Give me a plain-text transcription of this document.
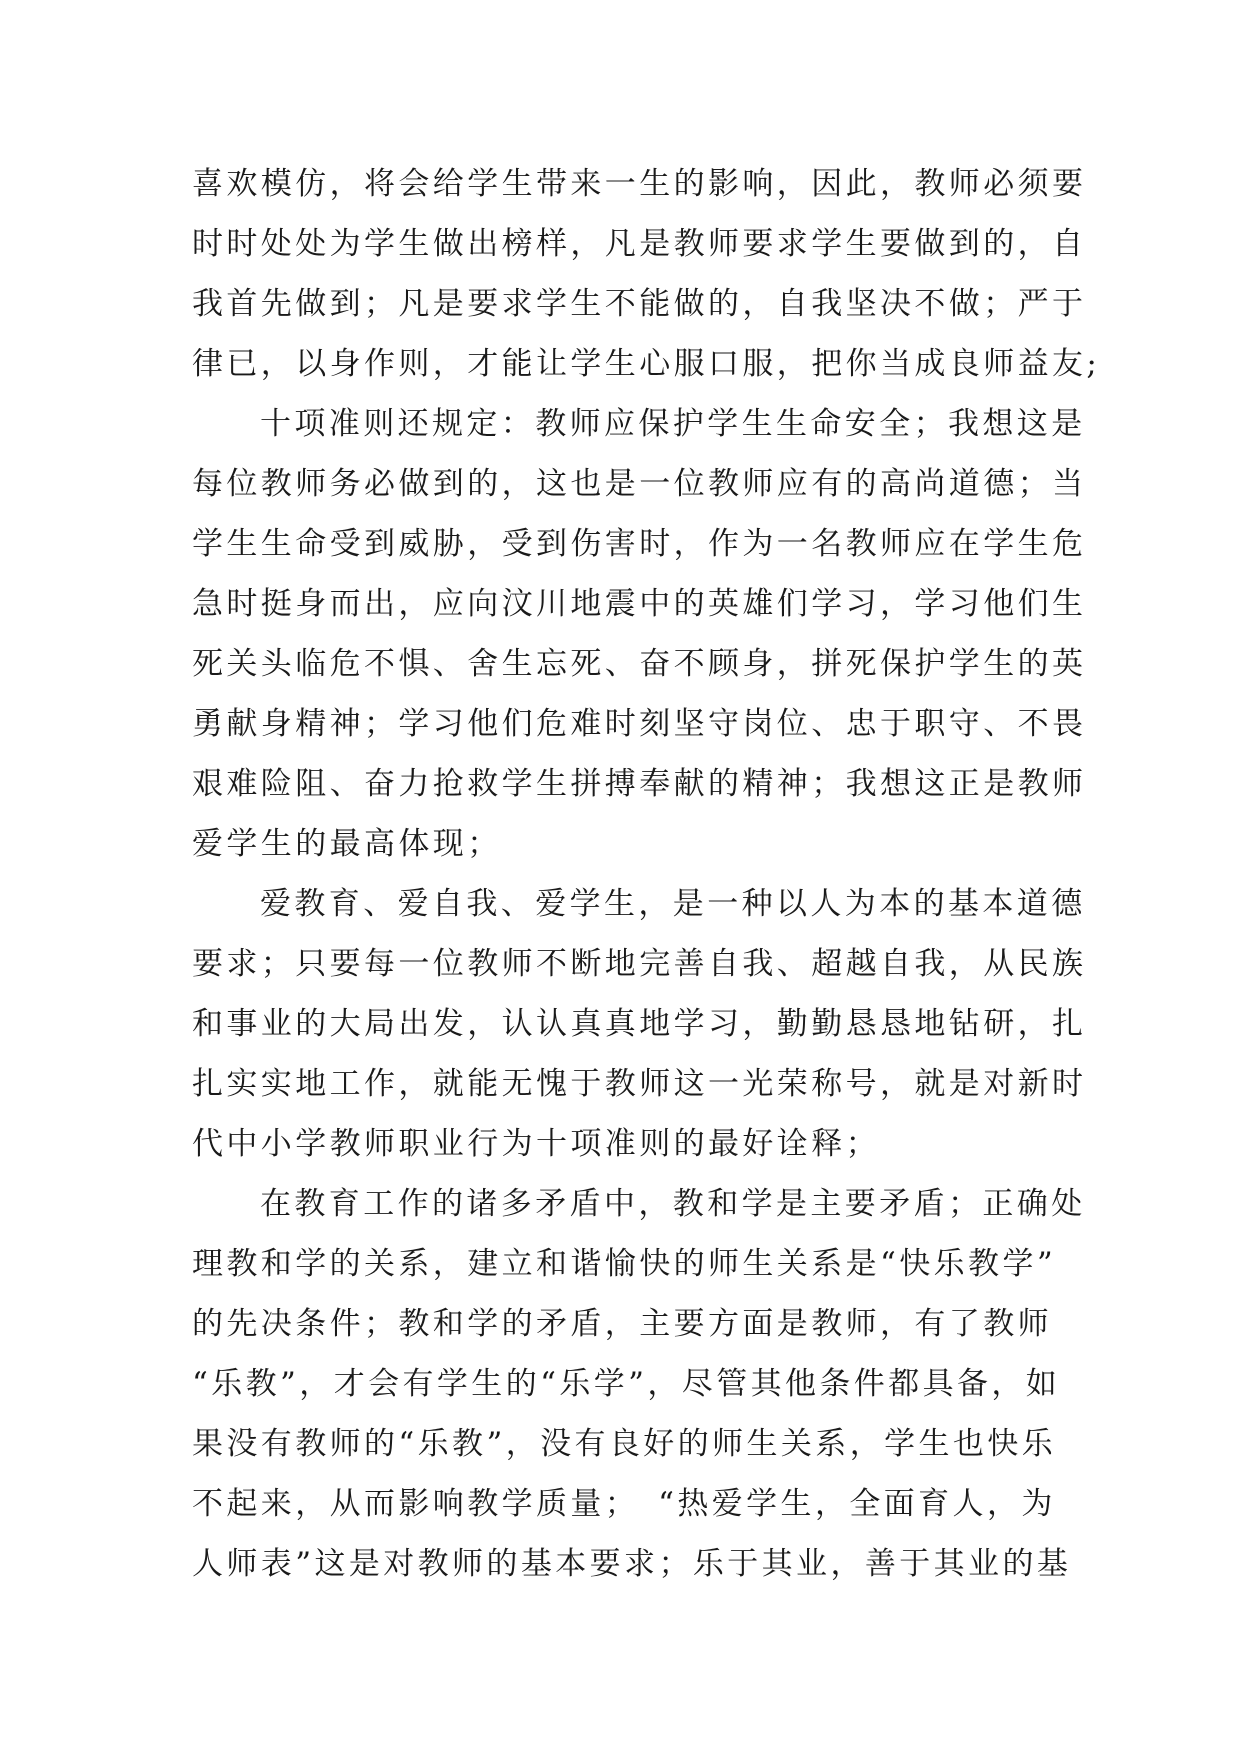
喜欢模仿，将会给学生带来一生的影响，因此，教师必须要
时时处处为学生做出榜样，凡是教师要求学生要做到的，自
我首先做到；凡是要求学生不能做的，自我坚决不做；严于
律已，以身作则，才能让学生心服口服，把你当成良师益友;
十项准则还规定：教师应保护学生生命安全；我想这是
每位教师务必做到的，这也是一位教师应有的高尚道德；当
学生生命受到威胁，受到伤害时，作为一名教师应在学生危
急时挺身而出，应向汶川地震中的英雄们学习，学习他们生
死关头临危不惧、舍生忘死、奋不顾身，拼死保护学生的英
勇献身精神；学习他们危难时刻坚守岗位、忠于职守、不畏
艰难险阻、奋力抢救学生拼搏奉献的精神；我想这正是教师
爱学生的最高体现；
爱教育、爱自我、爱学生，是一种以人为本的基本道德
要求；只要每一位教师不断地完善自我、超越自我，从民族
和事业的大局出发，认认真真地学习，勤勤恳恳地钻研，扎
扎实实地工作，就能无愧于教师这一光荣称号，就是对新时
代中小学教师职业行为十项准则的最好诠释；
在教育工作的诸多矛盾中，教和学是主要矛盾；正确处
理教和学的关系，建立和谐愉快的师生关系是“快乐教学”
的先决条件；教和学的矛盾，主要方面是教师，有了教师
“乐教”，才会有学生的“乐学”，尽管其他条件都具备，如
果没有教师的“乐教”，没有良好的师生关系，学生也快乐
不起来，从而影响教学质量；　“热爱学生，全面育人，为
人师表”这是对教师的基本要求；乐于其业，善于其业的基
